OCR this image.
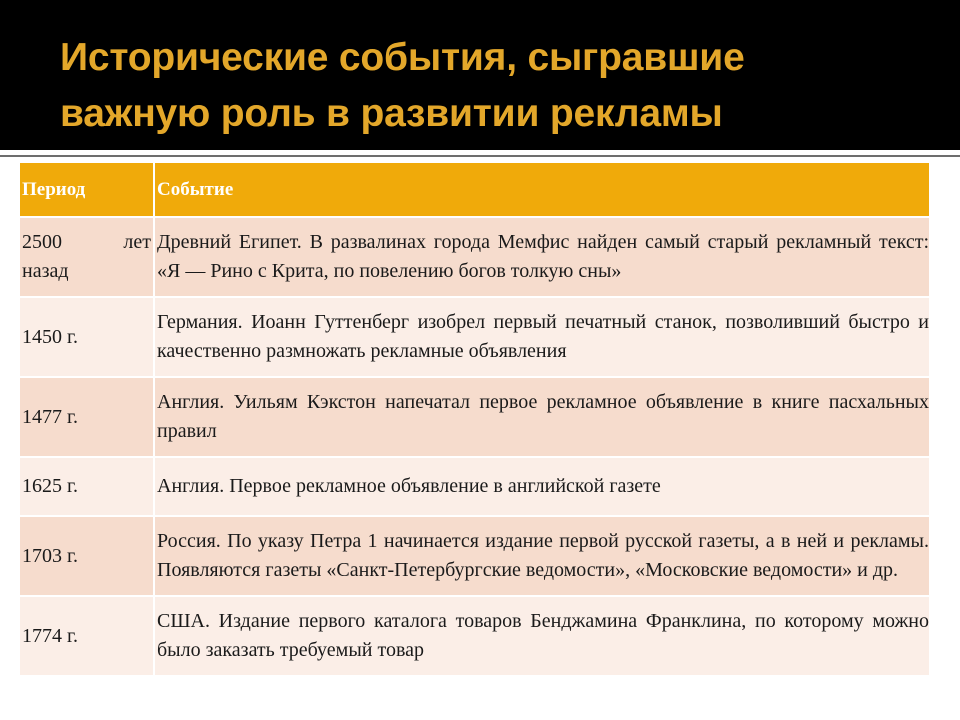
Исторические события, сыгравшие
важную роль в развитии рекламы
Период	Событие

2500 лет
назад	Древний Египет. В развалинах города Мемфис найден самый старый рекламный текст: «Я — Рино с Крита, по повелению богов толкую сны»
1450 г.	Германия. Иоанн Гуттенберг изобрел первый печатный станок, позволивший быстро и качественно размножать рекламные объявления
1477 г.	Англия. Уильям Кэкстон напечатал первое рекламное объявление в книге пасхальных правил
1625 г.	Англия. Первое рекламное объявление в английской газете
1703 г.	Россия. По указу Петра 1 начинается издание первой русской газеты, а в ней и рекламы. Появляются газеты «Санкт-Петербургские ведомости», «Московские ведомости» и др.
1774 г.	США. Издание первого каталога товаров Бенджамина Франклина, по которому можно было заказать требуемый товар
